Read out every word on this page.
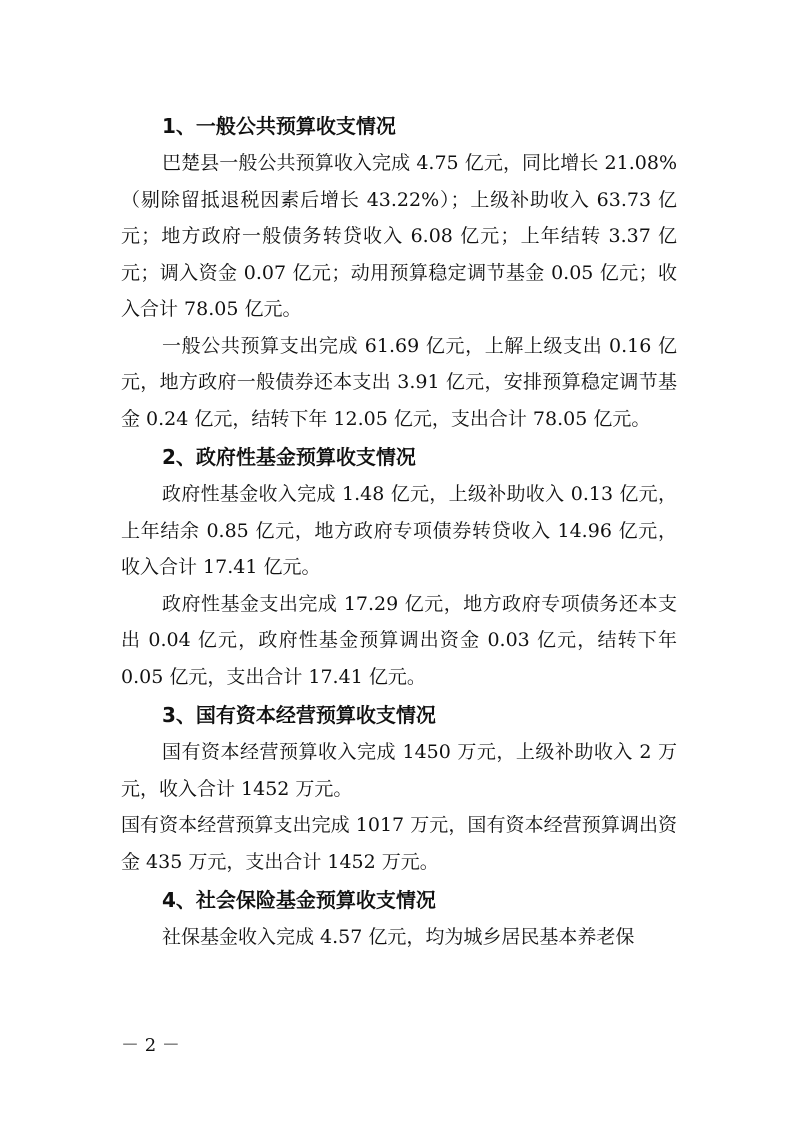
1、一般公共预算收支情况

巴楚县一般公共预算收入完成 4.75 亿元，同比增长 21.08%（剔除留抵退税因素后增长 43.22%）；上级补助收入 63.73 亿元；地方政府一般债务转贷收入 6.08 亿元；上年结转 3.37 亿元；调入资金 0.07 亿元；动用预算稳定调节基金 0.05 亿元；收入合计 78.05 亿元。

一般公共预算支出完成 61.69 亿元，上解上级支出 0.16 亿元，地方政府一般债券还本支出 3.91 亿元，安排预算稳定调节基金 0.24 亿元，结转下年 12.05 亿元，支出合计 78.05 亿元。

2、政府性基金预算收支情况

政府性基金收入完成 1.48 亿元，上级补助收入 0.13 亿元，上年结余 0.85 亿元，地方政府专项债券转贷收入 14.96 亿元，收入合计 17.41 亿元。

政府性基金支出完成 17.29 亿元，地方政府专项债务还本支出 0.04 亿元，政府性基金预算调出资金 0.03 亿元，结转下年 0.05 亿元，支出合计 17.41 亿元。

3、国有资本经营预算收支情况

国有资本经营预算收入完成 1450 万元，上级补助收入 2 万元，收入合计 1452 万元。

国有资本经营预算支出完成 1017 万元，国有资本经营预算调出资金 435 万元，支出合计 1452 万元。

4、社会保险基金预算收支情况

社保基金收入完成 4.57 亿元，均为城乡居民基本养老保

－ 2 －
